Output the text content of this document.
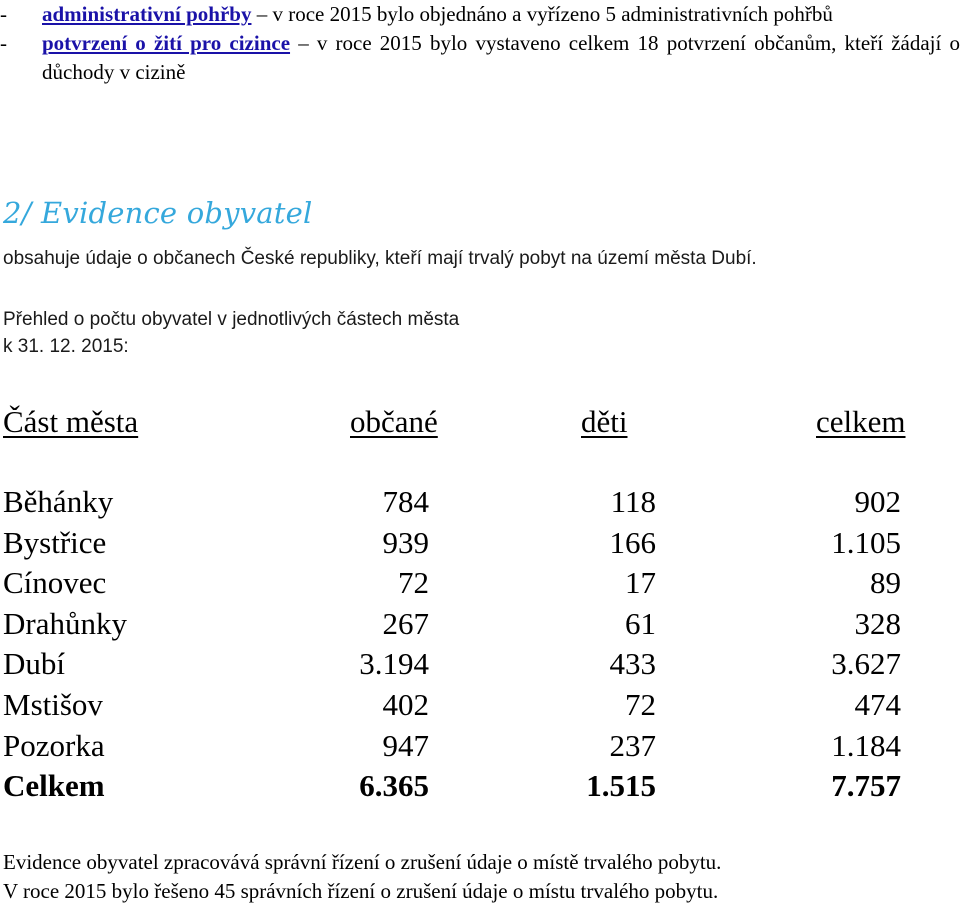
- administrativní pohřby – v roce 2015 bylo objednáno a vyřízeno 5 administrativních pohřbů
- potvrzení o žití pro cizince – v roce 2015 bylo vystaveno celkem 18 potvrzení občanům, kteří žádají o důchody v cizině
2/ Evidence obyvatel
obsahuje údaje o občanech České republiky, kteří mají trvalý pobyt na území města Dubí.
Přehled o počtu obyvatel v jednotlivých částech města
k 31. 12. 2015:
Část města	občané	děti	celkem
Běhánky	784	118	902
Bystřice	939	166	1.105
Cínovec	72	17	89
Drahůnky	267	61	328
Dubí	3.194	433	3.627
Mstišov	402	72	474
Pozorka	947	237	1.184
Celkem	6.365	1.515	7.757
Evidence obyvatel zpracovává správní řízení o zrušení údaje o místě trvalého pobytu.
V roce 2015 bylo řešeno 45 správních řízení o zrušení údaje o místu trvalého pobytu.
